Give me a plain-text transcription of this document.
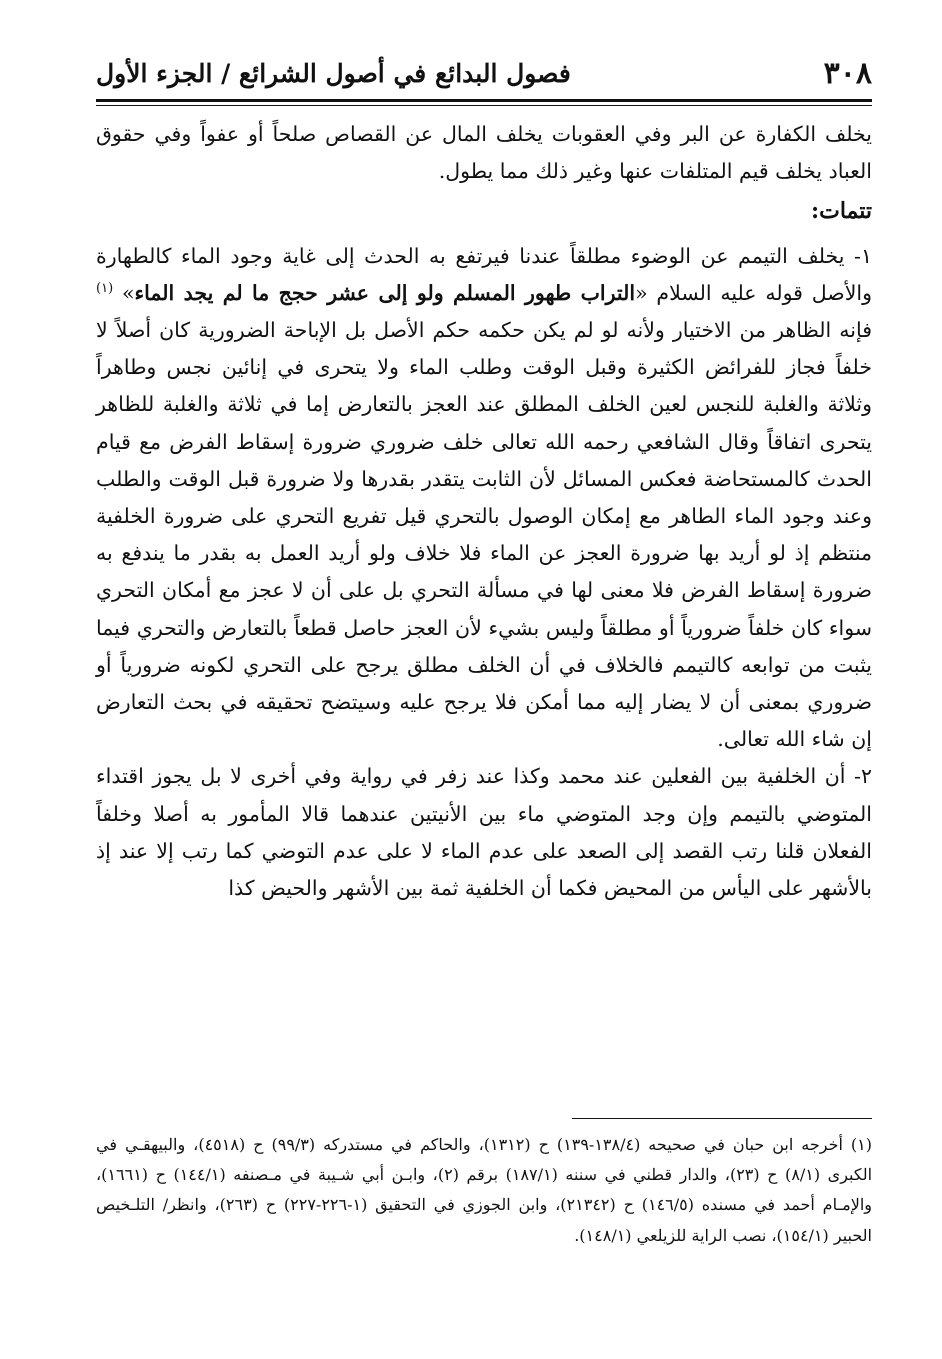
٣٠٨
فصول البدائع في أصول الشرائع / الجزء الأول

يخلف الكفارة عن البر وفي العقوبات يخلف المال عن القصاص صلحاً أو عفواً وفي حقوق العباد يخلف قيم المتلفات عنها وغير ذلك مما يطول.

تتمات:

١- يخلف التيمم عن الوضوء مطلقاً عندنا فيرتفع به الحدث إلى غاية وجود الماء كالطهارة والأصل قوله عليه السلام «التراب طهور المسلم ولو إلى عشر حجج ما لم يجد الماء» $^{(١)}$ فإنه الظاهر من الاختيار ولأنه لو لم يكن حكمه حكم الأصل بل الإباحة الضرورية كان أصلاً لا خلفاً فجاز للفرائض الكثيرة وقبل الوقت وطلب الماء ولا يتحرى في إنائين نجس وطاهراً وثلاثة والغلبة للنجس لعين الخلف المطلق عند العجز بالتعارض إما في ثلاثة والغلبة للظاهر يتحرى اتفاقاً وقال الشافعي رحمه الله تعالى خلف ضروري ضرورة إسقاط الفرض مع قيام الحدث كالمستحاضة فعكس المسائل لأن الثابت يتقدر بقدرها ولا ضرورة قبل الوقت والطلب وعند وجود الماء الطاهر مع إمكان الوصول بالتحري قيل تفريع التحري على ضرورة الخلفية منتظم إذ لو أريد بها ضرورة العجز عن الماء فلا خلاف ولو أريد العمل به بقدر ما يندفع به ضرورة إسقاط الفرض فلا معنى لها في مسألة التحري بل على أن لا عجز مع أمكان التحري سواء كان خلفاً ضرورياً أو مطلقاً وليس بشيء لأن العجز حاصل قطعاً بالتعارض والتحري فيما يثبت من توابعه كالتيمم فالخلاف في أن الخلف مطلق يرجح على التحري لكونه ضرورياً أو ضروري بمعنى أن لا يضار إليه مما أمكن فلا يرجح عليه وسيتضح تحقيقه في بحث التعارض إن شاء الله تعالى.

٢- أن الخلفية بين الفعلين عند محمد وكذا عند زفر في رواية وفي أخرى لا بل يجوز اقتداء المتوضي بالتيمم وإن وجد المتوضي ماء بين الأنيتين عندهما قالا المأمور به أصلا وخلفاً الفعلان قلنا رتب القصد إلى الصعد على عدم الماء لا على عدم التوضي كما رتب إلا عند إذ بالأشهر على اليأس من المحيض فكما أن الخلفية ثمة بين الأشهر والحيض كذا

(١) أخرجه ابن حبان في صحيحه (١٣٨/٤-١٣٩) ح (١٣١٢)، والحاكم في مستدركه (٩٩/٣) ح (٤٥١٨)، والبيهقـي في الكبرى (٨/١) ح (٢٣)، والدار قطني في سننه (١٨٧/١) برقم (٢)، وابـن أبي شـيبة في مـصنفه (١٤٤/١) ح (١٦٦١)، والإمـام أحمد في مسنده (١٤٦/٥) ح (٢١٣٤٢)، وابن الجوزي في التحقيق (١-٢٢٦-٢٢٧) ح (٢٦٣)، وانظر/ التلـخيص الحبير (١٥٤/١)، نصب الراية للزيلعي (١٤٨/١).
